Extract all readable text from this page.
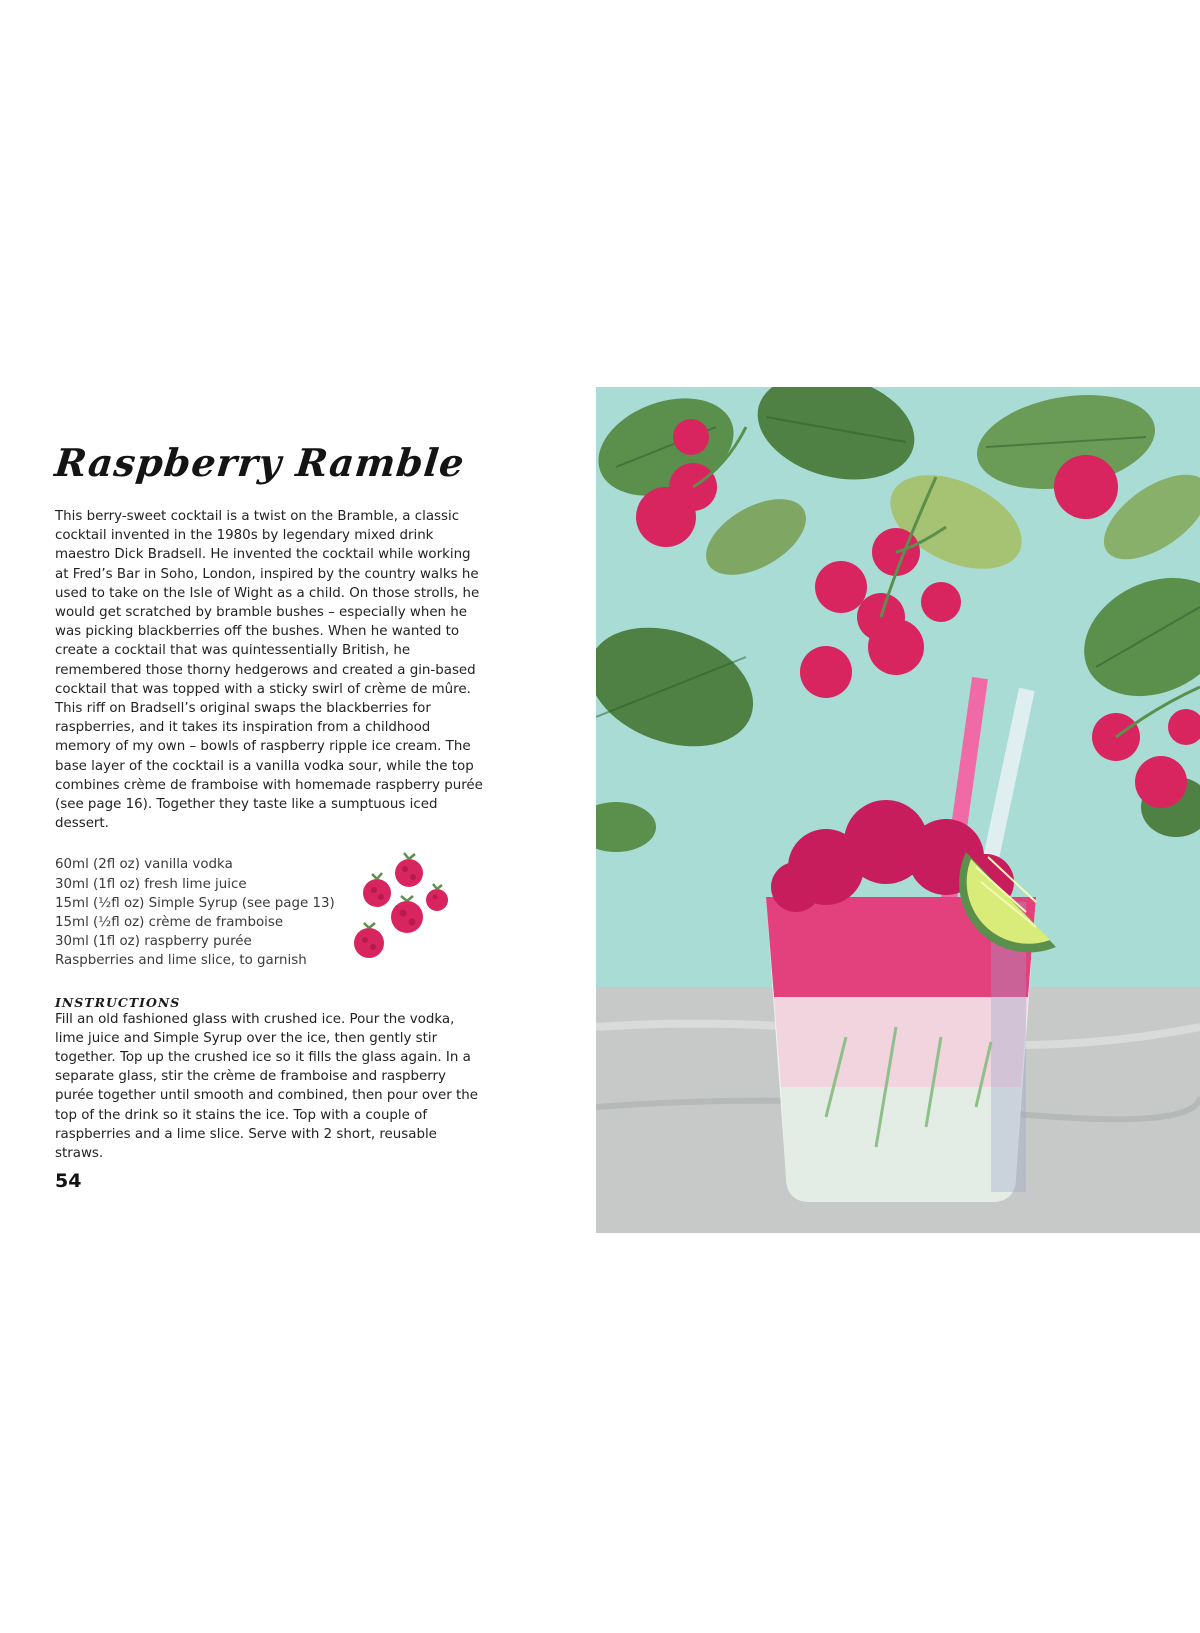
Raspberry Ramble

This berry-sweet cocktail is a twist on the Bramble, a classic cocktail invented in the 1980s by legendary mixed drink maestro Dick Bradsell. He invented the cocktail while working at Fred’s Bar in Soho, London, inspired by the country walks he used to take on the Isle of Wight as a child. On those strolls, he would get scratched by bramble bushes – especially when he was picking blackberries off the bushes. When he wanted to create a cocktail that was quintessentially British, he remembered those thorny hedgerows and created a gin-based cocktail that was topped with a sticky swirl of crème de mûre. This riff on Bradsell’s original swaps the blackberries for raspberries, and it takes its inspiration from a childhood memory of my own – bowls of raspberry ripple ice cream. The base layer of the cocktail is a vanilla vodka sour, while the top combines crème de framboise with homemade raspberry purée (see page 16). Together they taste like a sumptuous iced dessert.

60ml (2fl oz) vanilla vodka
30ml (1fl oz) fresh lime juice
15ml (½fl oz) Simple Syrup (see page 13)
15ml (½fl oz) crème de framboise
30ml (1fl oz) raspberry purée
Raspberries and lime slice, to garnish
INSTRUCTIONS

Fill an old fashioned glass with crushed ice. Pour the vodka, lime juice and Simple Syrup over the ice, then gently stir together. Top up the crushed ice so it fills the glass again. In a separate glass, stir the crème de framboise and raspberry purée together until smooth and combined, then pour over the top of the drink so it stains the ice. Top with a couple of raspberries and a lime slice. Serve with 2 short, reusable straws.

54
